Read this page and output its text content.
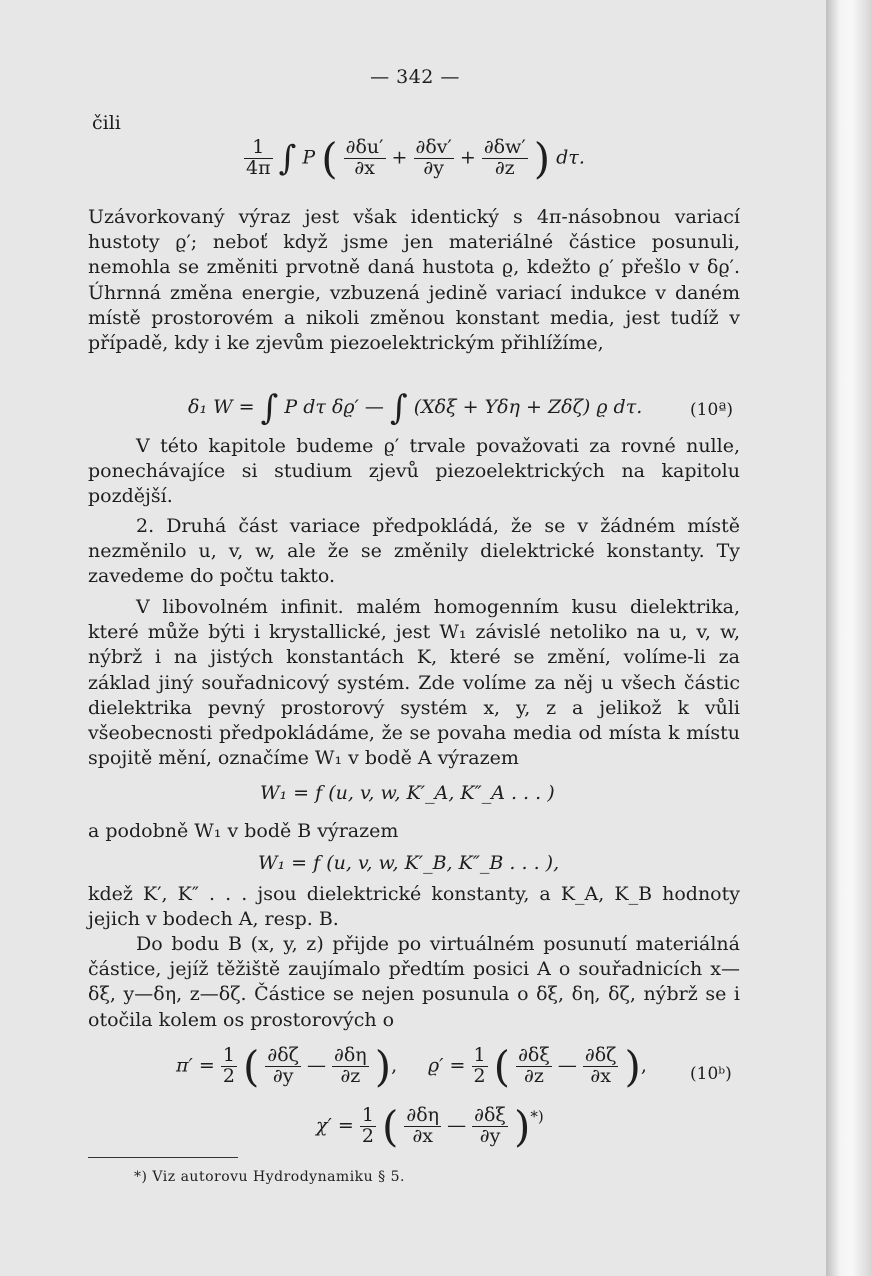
— 342 —
čili
$\frac{1}{4\pi}$ ∫ P ( $\frac{\partial\delta u'}{\partial x} + \frac{\partial\delta v'}{\partial y} + \frac{\partial\delta w'}{\partial z}$ ) dτ.
Uzávorkovaný výraz jest však identický s 4π-násobnou variací hustoty ϱ′; neboť když jsme jen materiálné částice posunuli, nemohla se změniti prvotně daná hustota ϱ, kdežto ϱ′ přešlo v δϱ′. Úhrnná změna energie, vzbuzená jedině variací indukce v daném místě prostorovém a nikoli změnou konstant media, jest tudíž v případě, kdy i ke zjevům piezoelektrickým přihlížíme,
δ₁ W = ∫ P dτ δϱ′ — ∫ (Xδξ + Yδη + Zδζ) ϱ dτ.	(10ª)
V této kapitole budeme ϱ′ trvale považovati za rovné nulle, ponechávajíce si studium zjevů piezoelektrických na kapitolu pozdější.
2. Druhá část variace předpokládá, že se v žádném místě nezměnilo u, v, w, ale že se změnily dielektrické konstanty. Ty zavedeme do počtu takto.
V libovolném infinit. malém homogenním kusu dielektrika, které může býti i krystallické, jest W₁ závislé netoliko na u, v, w, nýbrž i na jistých konstantách K, které se změní, volíme-li za základ jiný souřadnicový systém. Zde volíme za něj u všech částic dielektrika pevný prostorový systém x, y, z a jelikož k vůli všeobecnosti předpokládáme, že se povaha media od místa k místu spojitě mění, označíme W₁ v bodě A výrazem
W₁ = f (u, v, w, K′_A, K″_A . . . )
a podobně W₁ v bodě B výrazem
W₁ = f (u, v, w, K′_B, K″_B . . . ),
kdež K′, K″ . . . jsou dielektrické konstanty, a K_A, K_B hodnoty jejich v bodech A, resp. B.
Do bodu B (x, y, z) přijde po virtuálném posunutí materiálná částice, jejíž těžiště zaujímalo předtím posici A o souřadnicích x—δξ, y—δη, z—δζ. Částice se nejen posunula o δξ, δη, δζ, nýbrž se i otočila kolem os prostorových o
$\pi' = \frac{1}{2}$ ( $\frac{\partial\delta\zeta}{\partial y}$ — $\frac{\partial\delta\eta}{\partial z}$ ), $ϱ' = \frac{1}{2}$ ( $\frac{\partial\delta\xi}{\partial z}$ — $\frac{\partial\delta\zeta}{\partial x}$ ),	(10ᵇ)
$\chi' = \frac{1}{2}$ ( $\frac{\partial\delta\eta}{\partial x}$ — $\frac{\partial\delta\xi}{\partial y} )^{*)}$
*) Viz autorovu Hydrodynamiku § 5.
